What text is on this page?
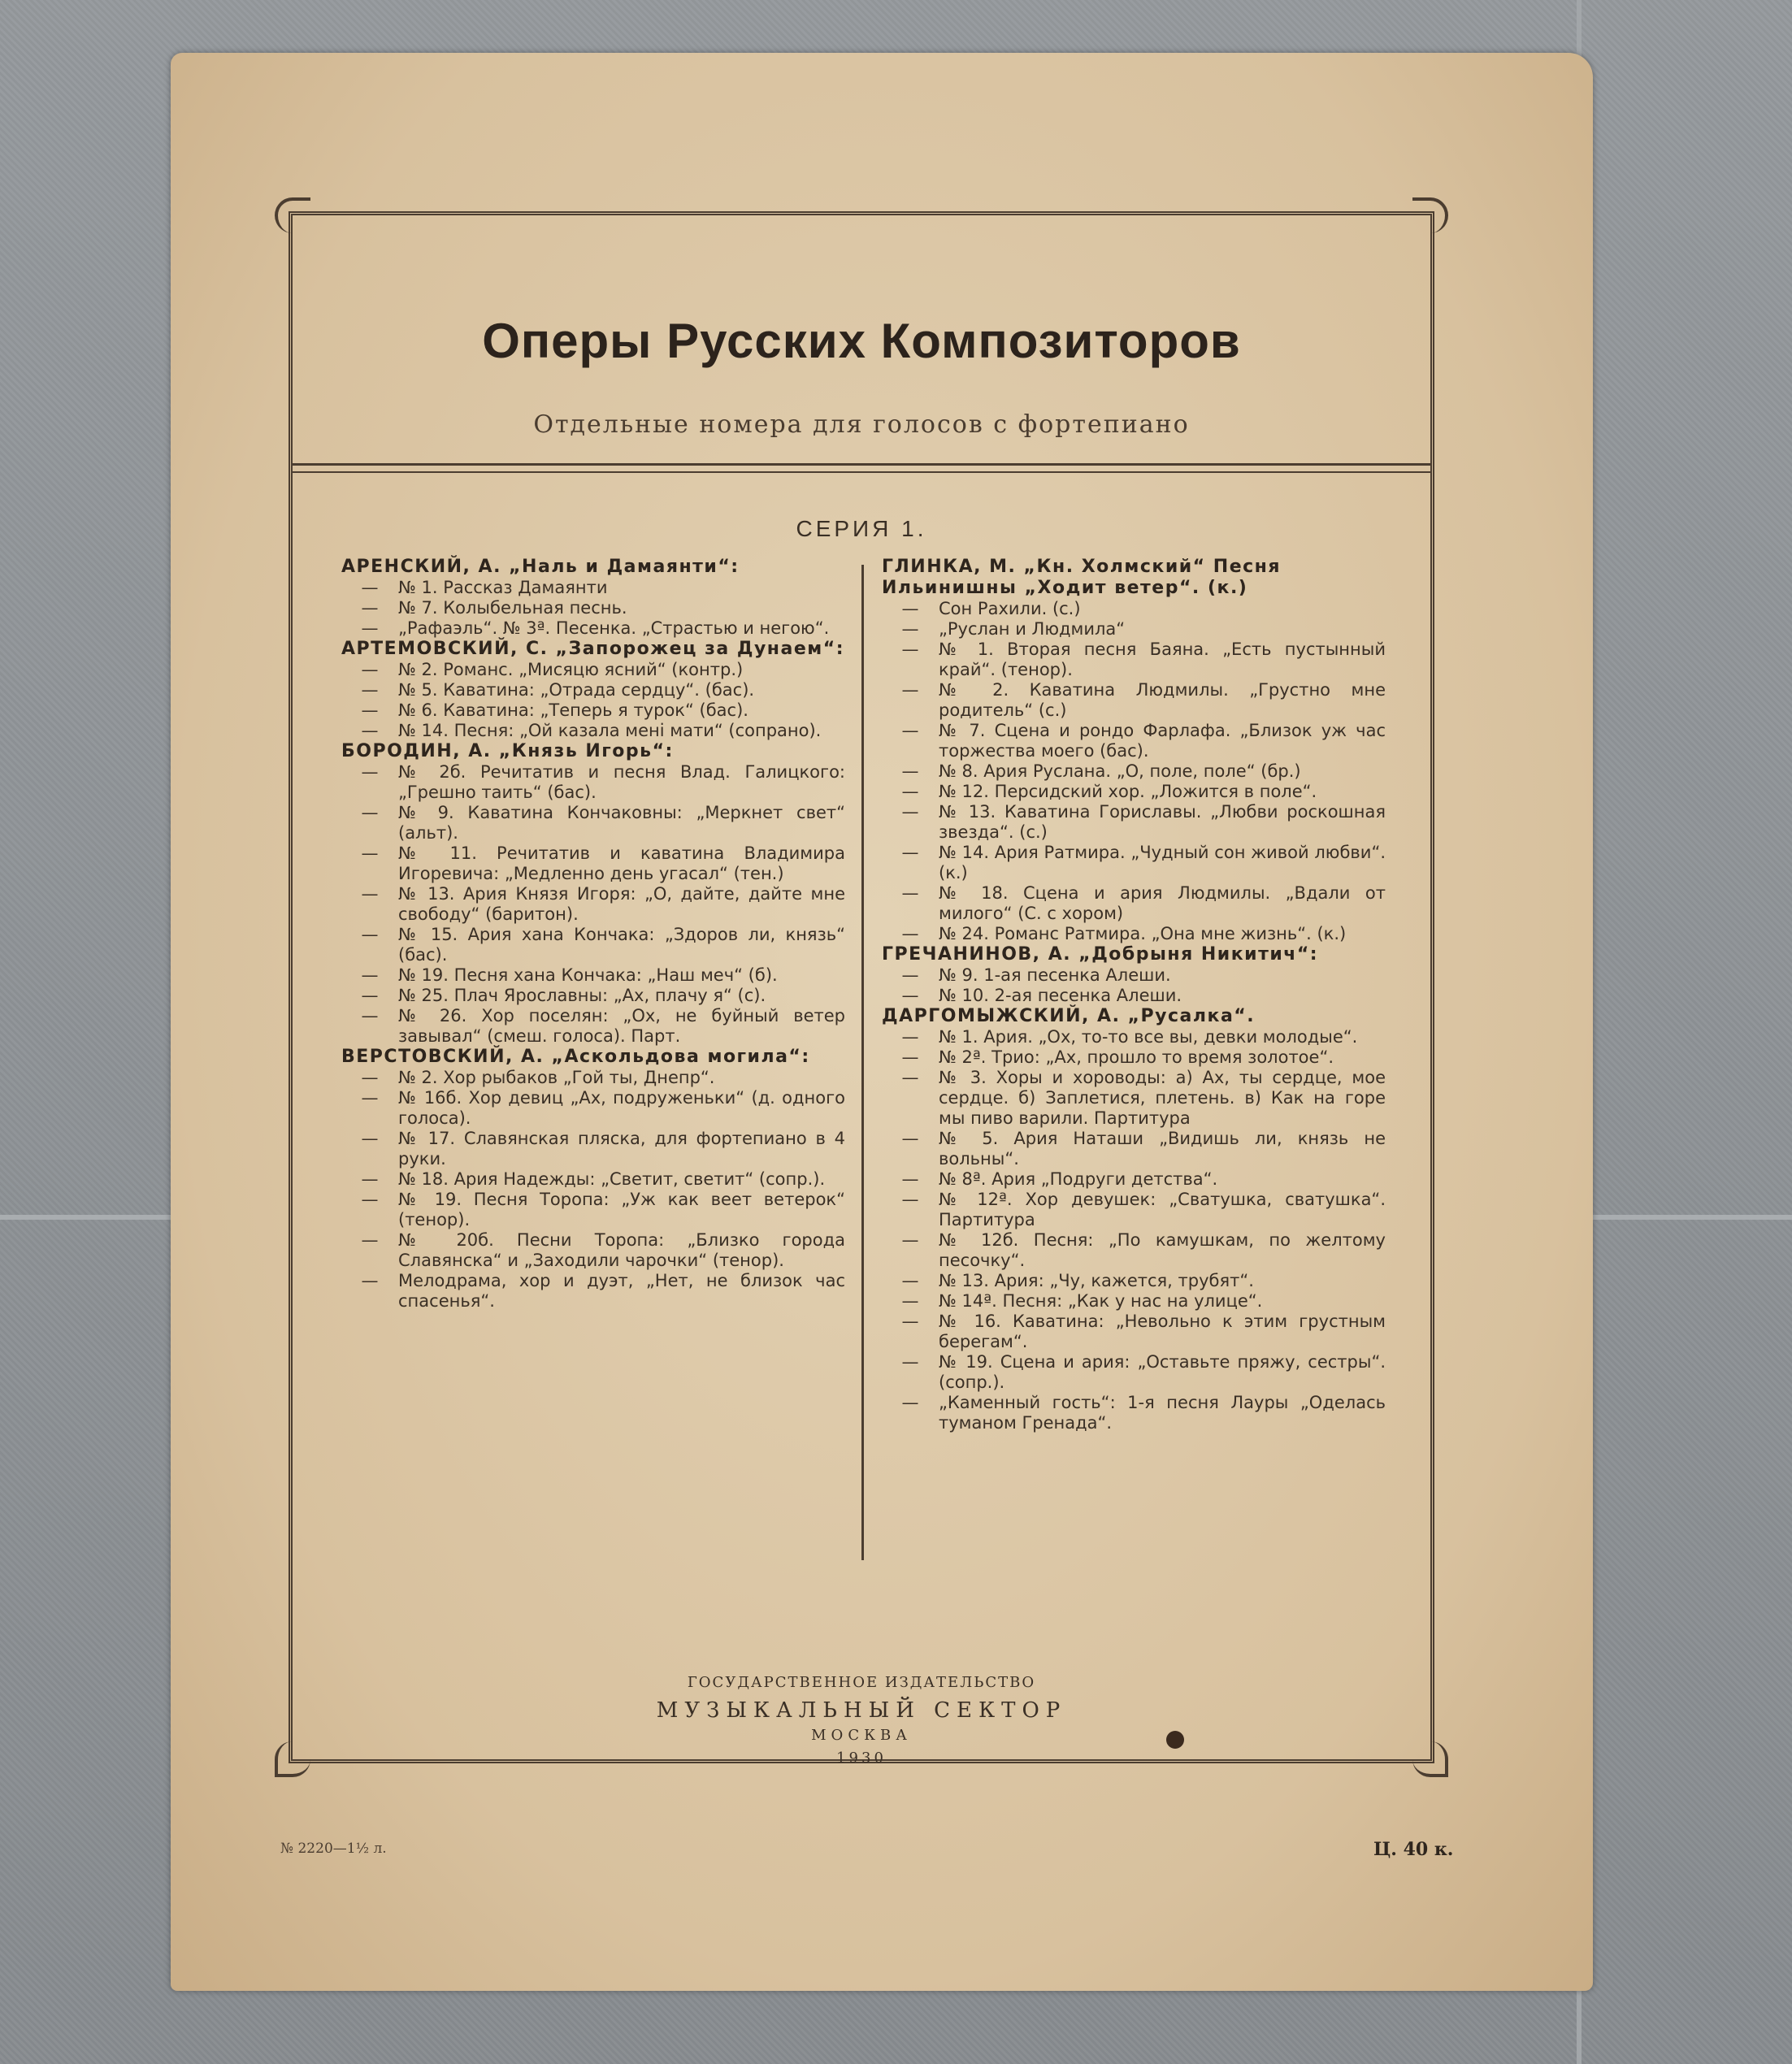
Оперы Русских Композиторов
Отдельные номера для голосов с фортепиано
СЕРИЯ 1.
АРЕНСКИЙ, А. „Наль и Дамаянти“:
—	№ 1. Рассказ Дамаянти
—	№ 7. Колыбельная песнь.
—	„Рафаэль“. № 3ª. Песенка. „Страстью и негою“.
АРТЕМОВСКИЙ, С. „Запорожец за Дунаем“:
—	№ 2. Романс. „Мисяцю ясний“ (контр.)
—	№ 5. Каватина: „Отрада сердцу“. (бас).
—	№ 6. Каватина: „Теперь я турок“ (бас).
—	№ 14. Песня: „Ой казала мені мати“ (сопрано).
БОРОДИН, А. „Князь Игорь“:
—	№ 2б. Речитатив и песня Влад. Галицкого: „Грешно таить“ (бас).
—	№ 9. Каватина Кончаковны: „Меркнет свет“ (альт).
—	№ 11. Речитатив и каватина Владимира Игоревича: „Медленно день угасал“ (тен.)
—	№ 13. Ария Князя Игоря: „О, дайте, дайте мне свободу“ (баритон).
—	№ 15. Ария хана Кончака: „Здоров ли, князь“ (бас).
—	№ 19. Песня хана Кончака: „Наш меч“ (б).
—	№ 25. Плач Ярославны: „Ах, плачу я“ (с).
—	№ 26. Хор поселян: „Ох, не буйный ветер завывал“ (смеш. голоса). Парт.
ВЕРСТОВСКИЙ, А. „Аскольдова могила“:
—	№ 2. Хор рыбаков „Гой ты, Днепр“.
—	№ 16б. Хор девиц „Ах, подруженьки“ (д. одного голоса).
—	№ 17. Славянская пляска, для фортепиано в 4 руки.
—	№ 18. Ария Надежды: „Светит, светит“ (сопр.).
—	№ 19. Песня Торопа: „Уж как веет ветерок“ (тенор).
—	№ 20б. Песни Торопа: „Близко города Славянска“ и „Заходили чарочки“ (тенор).
—	Мелодрама, хор и дуэт, „Нет, не близок час спасенья“.
ГЛИНКА, М. „Кн. Холмский“ Песня Ильинишны „Ходит ветер“. (к.)
—	Сон Рахили. (с.)
—	„Руслан и Людмила“
—	№ 1. Вторая песня Баяна. „Есть пустынный край“. (тенор).
—	№ 2. Каватина Людмилы. „Грустно мне родитель“ (с.)
—	№ 7. Сцена и рондо Фарлафа. „Близок уж час торжества моего (бас).
—	№ 8. Ария Руслана. „О, поле, поле“ (бр.)
—	№ 12. Персидский хор. „Ложится в поле“.
—	№ 13. Каватина Гориславы. „Любви роскошная звезда“. (с.)
—	№ 14. Ария Ратмира. „Чудный сон живой любви“. (к.)
—	№ 18. Сцена и ария Людмилы. „Вдали от милого“ (С. с хором)
—	№ 24. Романс Ратмира. „Она мне жизнь“. (к.)
ГРЕЧАНИНОВ, А. „Добрыня Никитич“:
—	№ 9. 1-ая песенка Алеши.
—	№ 10. 2-ая песенка Алеши.
ДАРГОМЫЖСКИЙ, А. „Русалка“.
—	№ 1. Ария. „Ох, то-то все вы, девки молодые“.
—	№ 2ª. Трио: „Ах, прошло то время золотое“.
—	№ 3. Хоры и хороводы: а) Ах, ты сердце, мое сердце. б) Заплетися, плетень. в) Как на горе мы пиво варили. Партитура
—	№ 5. Ария Наташи „Видишь ли, князь не вольны“.
—	№ 8ª. Ария „Подруги детства“.
—	№ 12ª. Хор девушек: „Сватушка, сватушка“. Партитура
—	№ 12б. Песня: „По камушкам, по желтому песочку“.
—	№ 13. Ария: „Чу, кажется, трубят“.
—	№ 14ª. Песня: „Как у нас на улице“.
—	№ 16. Каватина: „Невольно к этим грустным берегам“.
—	№ 19. Сцена и ария: „Оставьте пряжу, сестры“. (сопр.).
—	„Каменный гость“: 1-я песня Лауры „Оделась туманом Гренада“.
ГОСУДАРСТВЕННОЕ ИЗДАТЕЛЬСТВО
МУЗЫКАЛЬНЫЙ СЕКТОР
МОСКВА
1930
№ 2220—1½ л.	Ц. 40 к.
